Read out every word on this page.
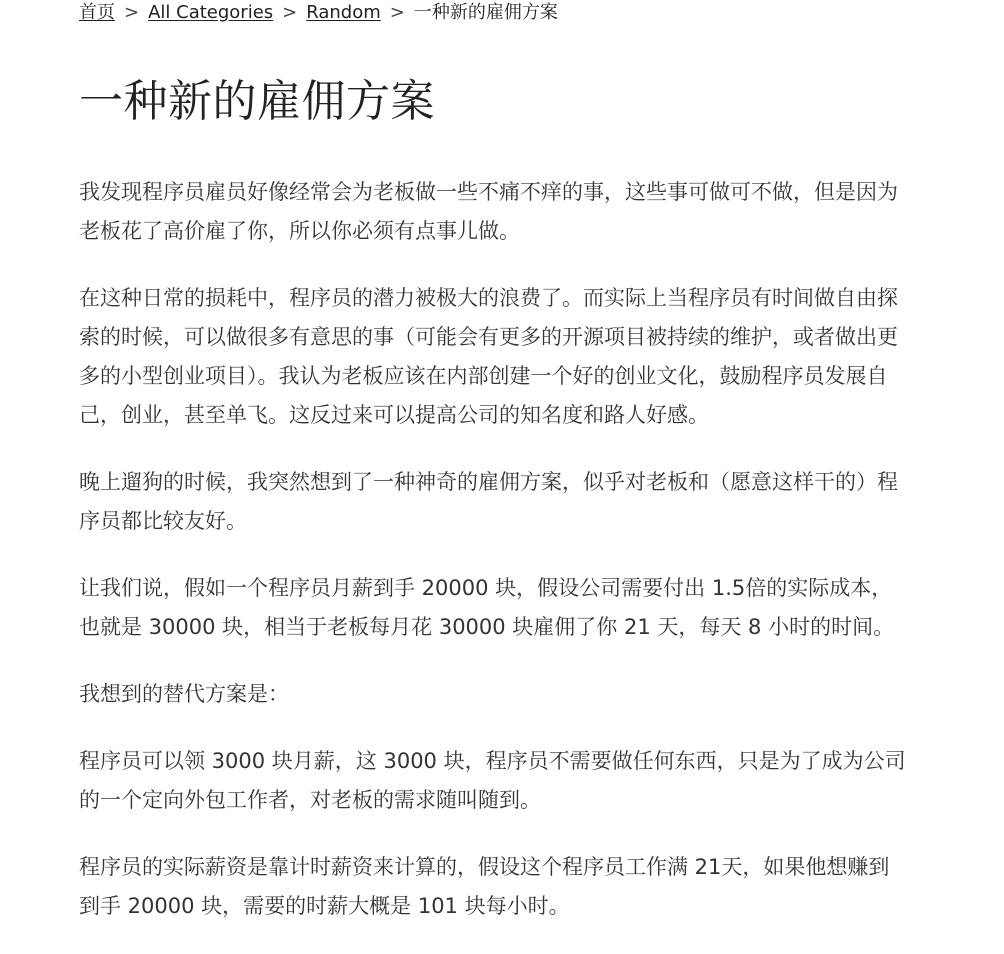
首页 > All Categories > Random > 一种新的雇佣方案
一种新的雇佣方案

我发现程序员雇员好像经常会为老板做一些不痛不痒的事，这些事可做可不做，但是因为老板花了高价雇了你，所以你必须有点事儿做。

在这种日常的损耗中，程序员的潜力被极大的浪费了。而实际上当程序员有时间做自由探索的时候，可以做很多有意思的事（可能会有更多的开源项目被持续的维护，或者做出更多的小型创业项目）。我认为老板应该在内部创建一个好的创业文化，鼓励程序员发展自己，创业，甚至单飞。这反过来可以提高公司的知名度和路人好感。

晚上遛狗的时候，我突然想到了一种神奇的雇佣方案，似乎对老板和（愿意这样干的）程序员都比较友好。

让我们说，假如一个程序员月薪到手 20000 块，假设公司需要付出 1.5倍的实际成本，也就是 30000 块，相当于老板每月花 30000 块雇佣了你 21 天，每天 8 小时的时间。

我想到的替代方案是：

程序员可以领 3000 块月薪，这 3000 块，程序员不需要做任何东西，只是为了成为公司的一个定向外包工作者，对老板的需求随叫随到。

程序员的实际薪资是靠计时薪资来计算的，假设这个程序员工作满 21天，如果他想赚到到手 20000 块，需要的时薪大概是 101 块每小时。
